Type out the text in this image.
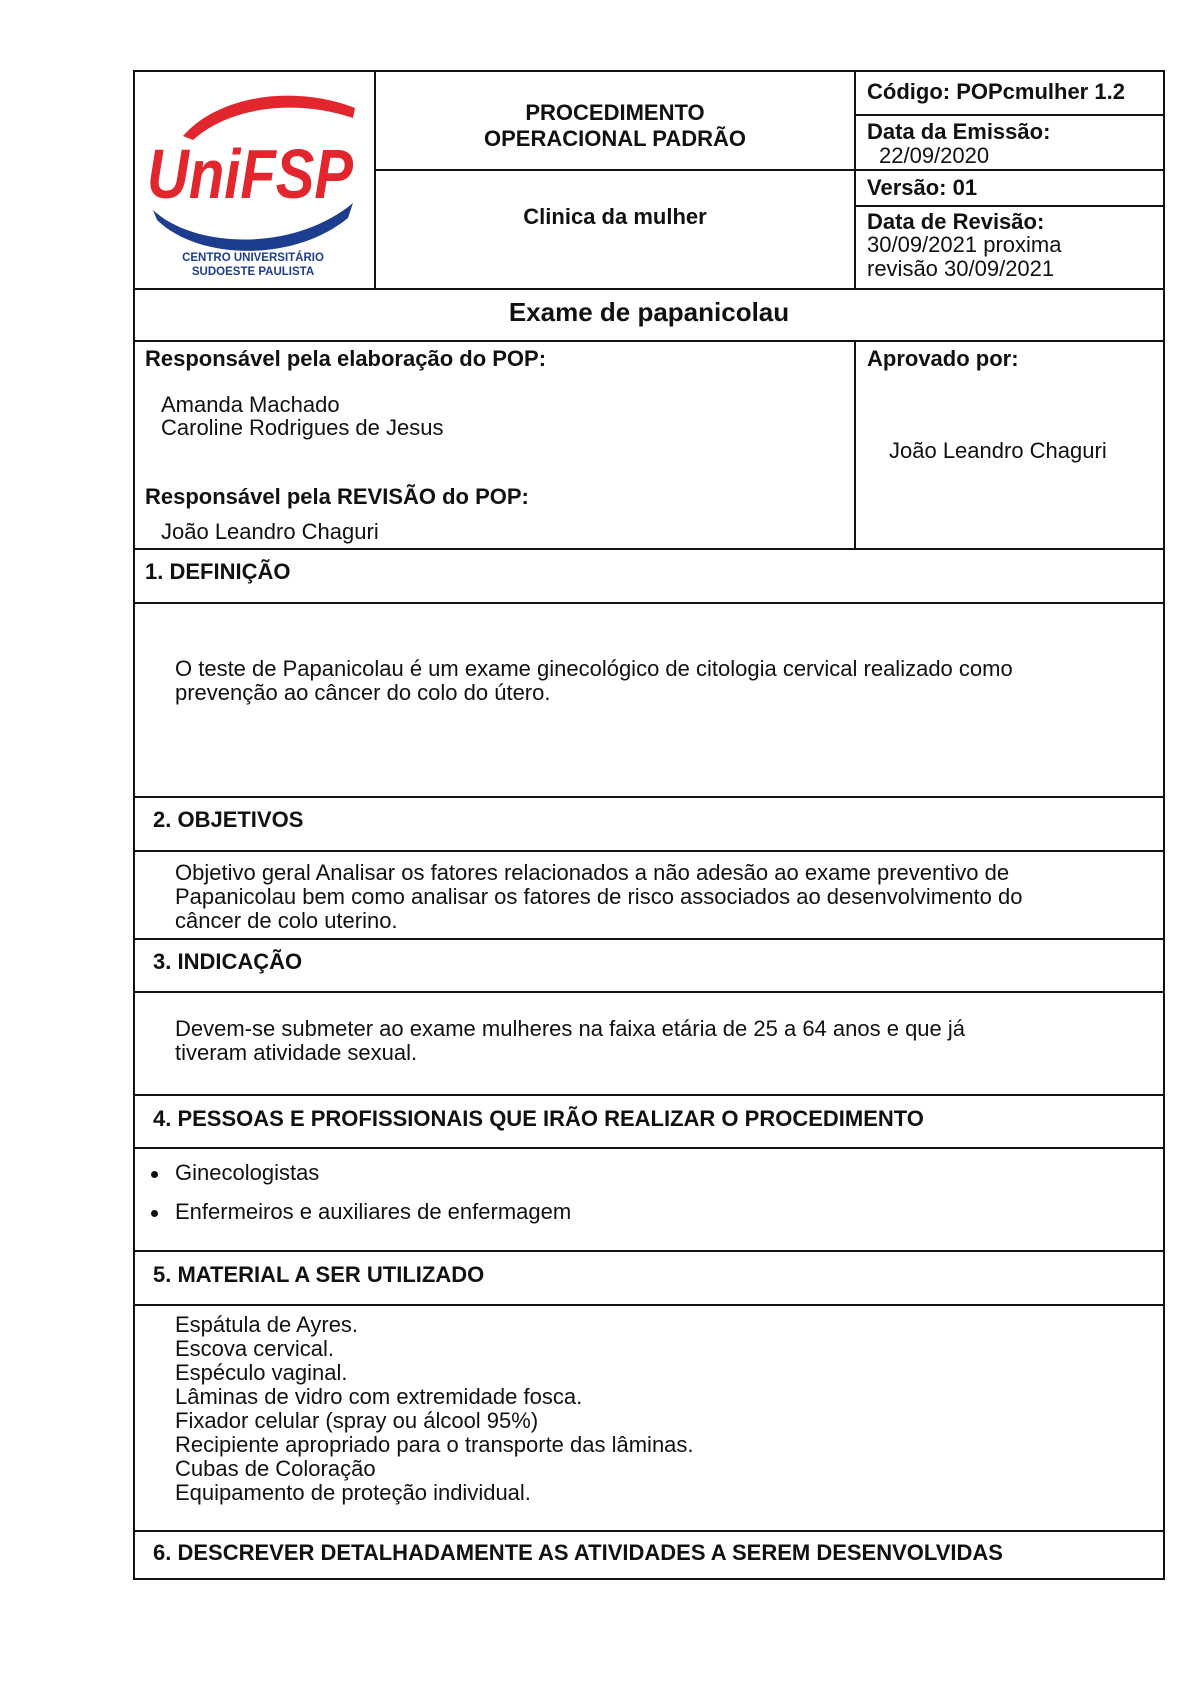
UniFSP
CENTRO UNIVERSITÁRIO
SUDOESTE PAULISTA
PROCEDIMENTO
OPERACIONAL PADRÃO
Clinica da mulher
Código: POPcmulher 1.2
Data da Emissão:
22/09/2020
Versão: 01
Data de Revisão:
30/09/2021 proxima
revisão 30/09/2021
Exame de papanicolau
Responsável pela elaboração do POP:
Amanda Machado
Caroline Rodrigues de Jesus
Responsável pela REVISÃO do POP:
João Leandro Chaguri
Aprovado por:
João Leandro Chaguri
1. DEFINIÇÃO
O teste de Papanicolau é um exame ginecológico de citologia cervical realizado como
prevenção ao câncer do colo do útero.
2. OBJETIVOS
Objetivo geral Analisar os fatores relacionados a não adesão ao exame preventivo de
Papanicolau bem como analisar os fatores de risco associados ao desenvolvimento do
câncer de colo uterino.
3. INDICAÇÃO
Devem-se submeter ao exame mulheres na faixa etária de 25 a 64 anos e que já
tiveram atividade sexual.
4. PESSOAS E PROFISSIONAIS QUE IRÃO REALIZAR O PROCEDIMENTO
Ginecologistas
Enfermeiros e auxiliares de enfermagem
5. MATERIAL A SER UTILIZADO
Espátula de Ayres.
Escova cervical.
Espéculo vaginal.
Lâminas de vidro com extremidade fosca.
Fixador celular (spray ou álcool 95%)
Recipiente apropriado para o transporte das lâminas.
Cubas de Coloração
Equipamento de proteção individual.
6. DESCREVER DETALHADAMENTE AS ATIVIDADES A SEREM DESENVOLVIDAS
